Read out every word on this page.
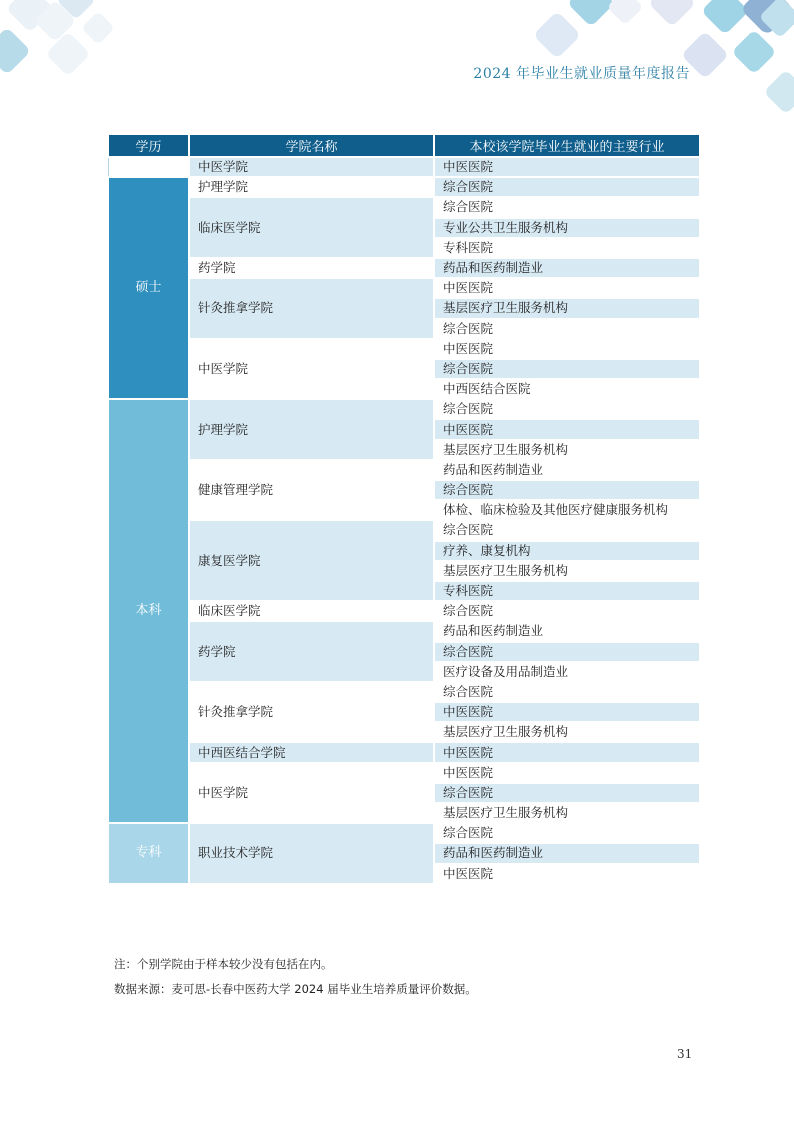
2024 年毕业生就业质量年度报告
学历	学院名称	本校该学院毕业生就业的主要行业
	中医学院	中医医院
硕士	护理学院	综合医院
	临床医学院	综合医院
		专业公共卫生服务机构
		专科医院
	药学院	药品和医药制造业
	针灸推拿学院	中医医院
		基层医疗卫生服务机构
		综合医院
	中医学院	中医医院
		综合医院
		中西医结合医院
本科	护理学院	综合医院
		中医医院
		基层医疗卫生服务机构
	健康管理学院	药品和医药制造业
		综合医院
		体检、临床检验及其他医疗健康服务机构
	康复医学院	综合医院
		疗养、康复机构
		基层医疗卫生服务机构
		专科医院
	临床医学院	综合医院
	药学院	药品和医药制造业
		综合医院
		医疗设备及用品制造业
	针灸推拿学院	综合医院
		中医医院
		基层医疗卫生服务机构
	中西医结合学院	中医医院
	中医学院	中医医院
		综合医院
		基层医疗卫生服务机构
专科	职业技术学院	综合医院
		药品和医药制造业
		中医医院

注：个别学院由于样本较少没有包括在内。

数据来源：麦可思-长春中医药大学 2024 届毕业生培养质量评价数据。

31
